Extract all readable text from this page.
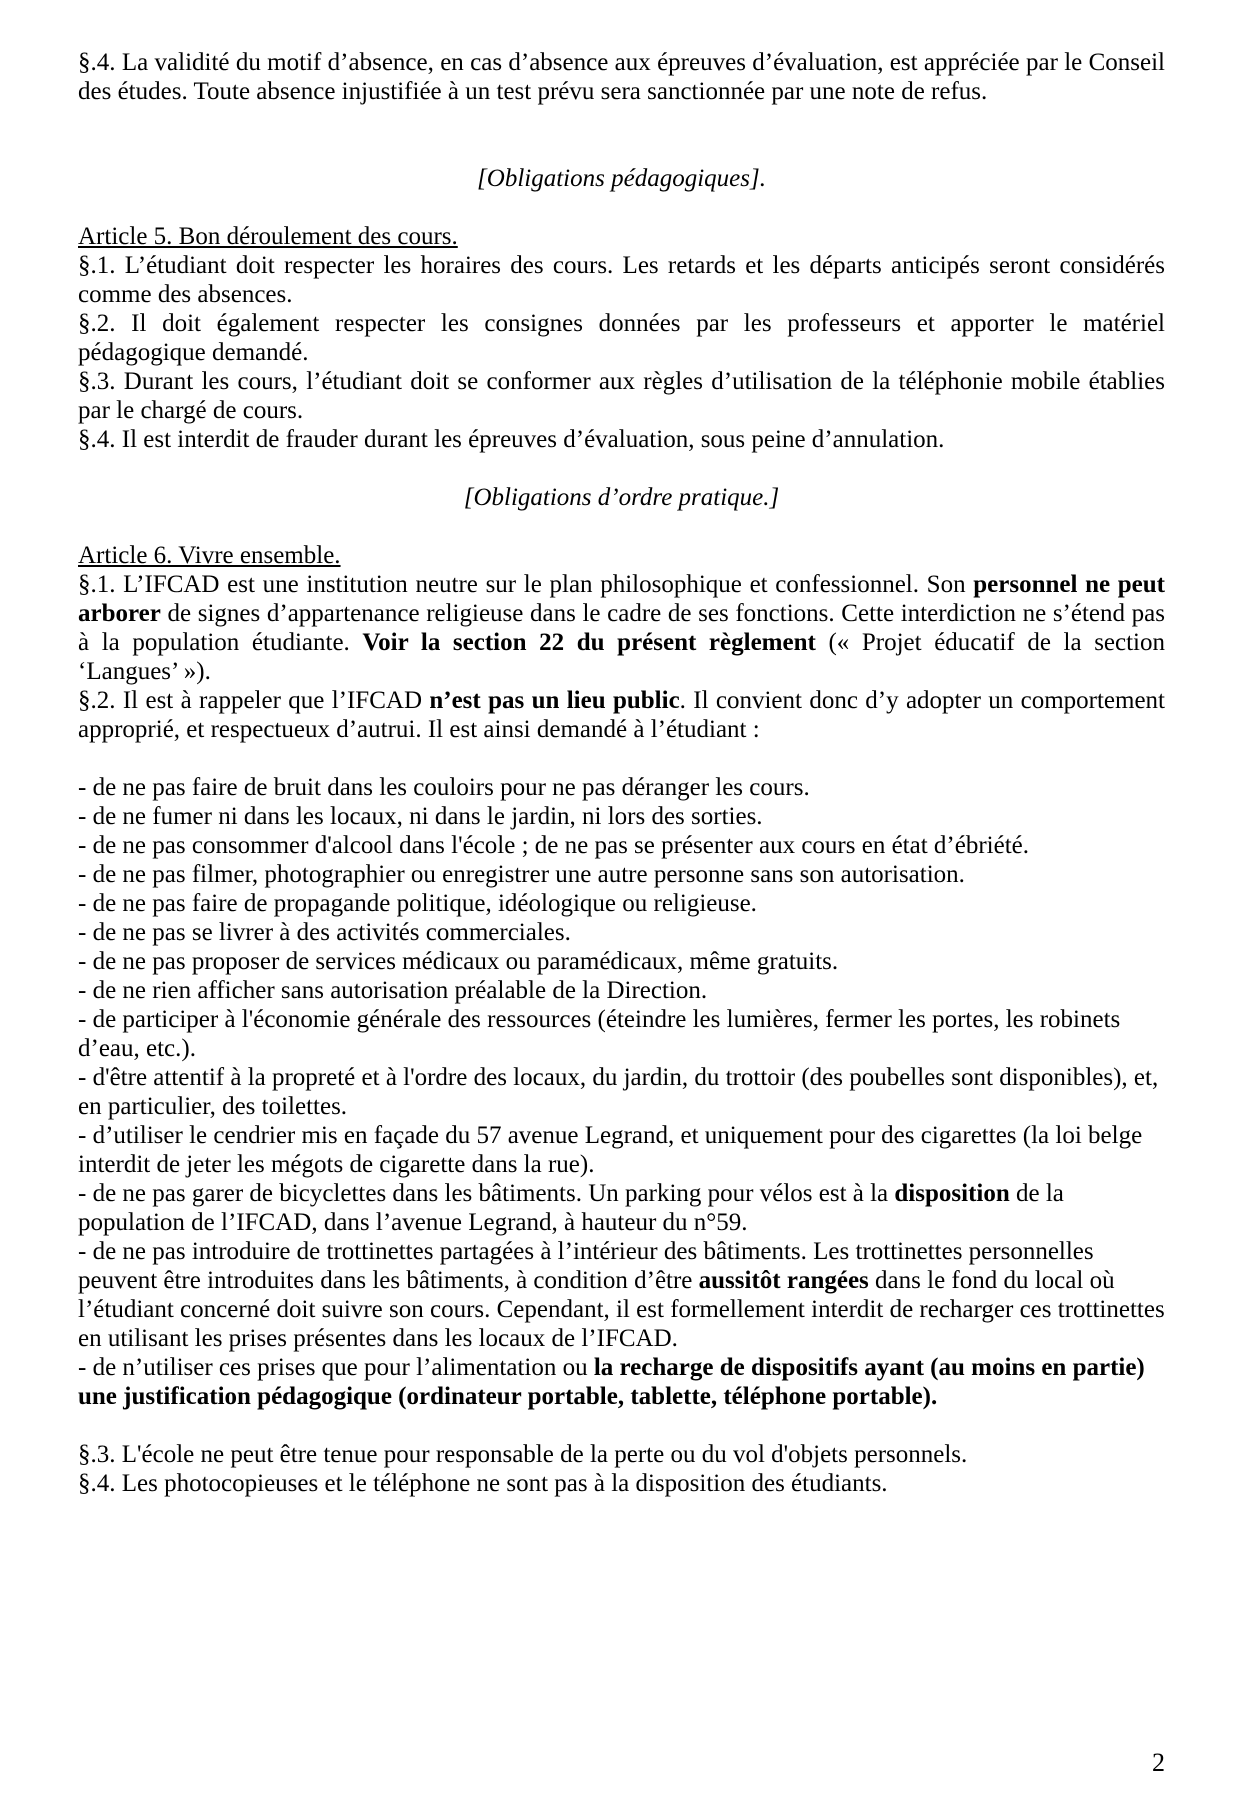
§.4. La validité du motif d’absence, en cas d’absence aux épreuves d’évaluation, est appréciée par le Conseil des études. Toute absence injustifiée à un test prévu sera sanctionnée par une note de refus.

[Obligations pédagogiques].

Article 5. Bon déroulement des cours.

§.1. L’étudiant doit respecter les horaires des cours. Les retards et les départs anticipés seront considérés comme des absences.

§.2. Il doit également respecter les consignes données par les professeurs et apporter le matériel pédagogique demandé.

§.3. Durant les cours, l’étudiant doit se conformer aux règles d’utilisation de la téléphonie mobile établies par le chargé de cours.

§.4. Il est interdit de frauder durant les épreuves d’évaluation, sous peine d’annulation.

[Obligations d’ordre pratique.]

Article 6. Vivre ensemble.

§.1. L’IFCAD est une institution neutre sur le plan philosophique et confessionnel. Son personnel ne peut arborer de signes d’appartenance religieuse dans le cadre de ses fonctions. Cette interdiction ne s’étend pas à la population étudiante. Voir la section 22 du présent règlement (« Projet éducatif de la section ‘Langues’ »).

§.2. Il est à rappeler que l’IFCAD n’est pas un lieu public. Il convient donc d’y adopter un comportement approprié, et respectueux d’autrui. Il est ainsi demandé à l’étudiant :

- de ne pas faire de bruit dans les couloirs pour ne pas déranger les cours.

- de ne fumer ni dans les locaux, ni dans le jardin, ni lors des sorties.

- de ne pas consommer d'alcool dans l'école ; de ne pas se présenter aux cours en état d’ébriété.

- de ne pas filmer, photographier ou enregistrer une autre personne sans son autorisation.

- de ne pas faire de propagande politique, idéologique ou religieuse.

- de ne pas se livrer à des activités commerciales.

- de ne pas proposer de services médicaux ou paramédicaux, même gratuits.

- de ne rien afficher sans autorisation préalable de la Direction.

- de participer à l'économie générale des ressources (éteindre les lumières, fermer les portes, les robinets d’eau, etc.).

- d'être attentif à la propreté et à l'ordre des locaux, du jardin, du trottoir (des poubelles sont disponibles), et, en particulier, des toilettes.

- d’utiliser le cendrier mis en façade du 57 avenue Legrand, et uniquement pour des cigarettes (la loi belge interdit de jeter les mégots de cigarette dans la rue).

- de ne pas garer de bicyclettes dans les bâtiments. Un parking pour vélos est à la disposition de la population de l’IFCAD, dans l’avenue Legrand, à hauteur du n°59.

- de ne pas introduire de trottinettes partagées à l’intérieur des bâtiments. Les trottinettes personnelles peuvent être introduites dans les bâtiments, à condition d’être aussitôt rangées dans le fond du local où l’étudiant concerné doit suivre son cours. Cependant, il est formellement interdit de recharger ces trottinettes en utilisant les prises présentes dans les locaux de l’IFCAD.

- de n’utiliser ces prises que pour l’alimentation ou la recharge de dispositifs ayant (au moins en partie) une justification pédagogique (ordinateur portable, tablette, téléphone portable).

§.3. L'école ne peut être tenue pour responsable de la perte ou du vol d'objets personnels.

§.4. Les photocopieuses et le téléphone ne sont pas à la disposition des étudiants.

2
